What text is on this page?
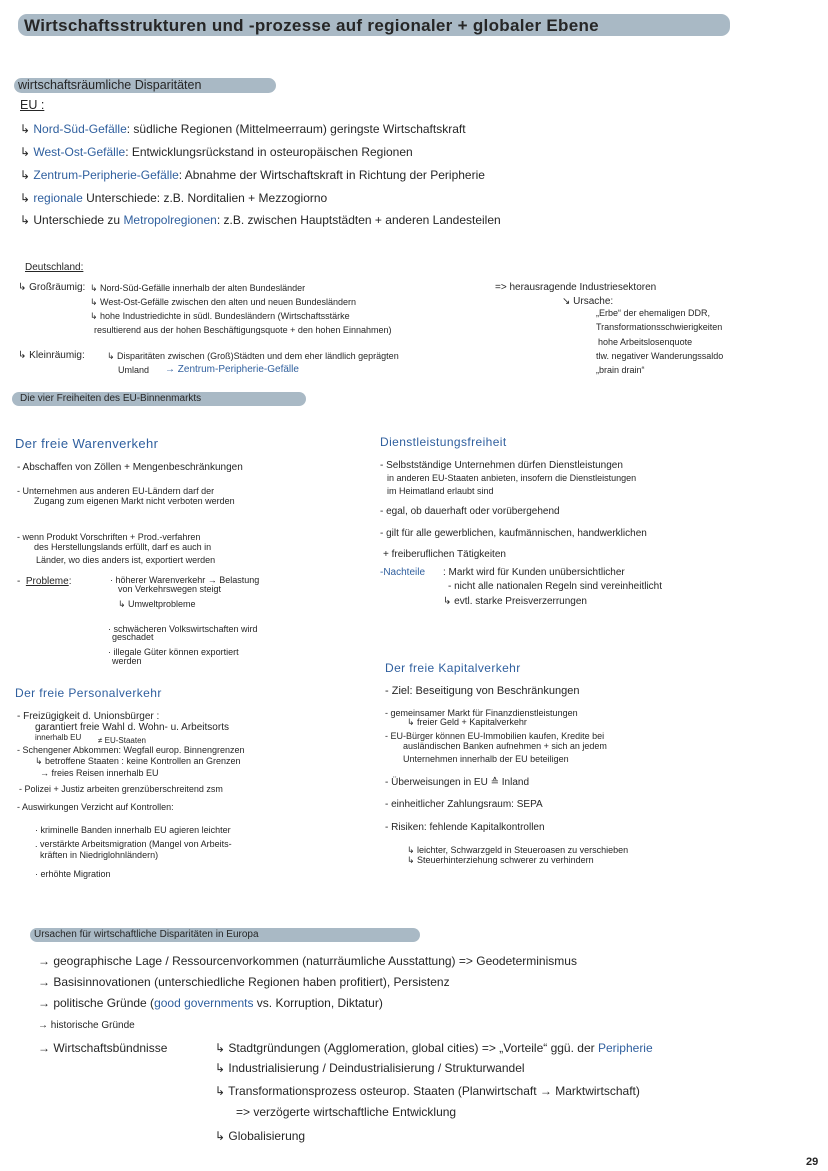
Wirtschaftsstrukturen und -prozesse auf regionaler + globaler Ebene
wirtschaftsräumliche Disparitäten
EU :
↳ Nord-Süd-Gefälle: südliche Regionen (Mittelmeerraum) geringste Wirtschaftskraft
↳ West-Ost-Gefälle: Entwicklungsrückstand in osteuropäischen Regionen
↳ Zentrum-Peripherie-Gefälle: Abnahme der Wirtschaftskraft in Richtung der Peripherie
↳ regionale Unterschiede: z.B. Norditalien + Mezzogiorno
↳ Unterschiede zu Metropolregionen: z.B. zwischen Hauptstädten + anderen Landesteilen
Deutschland:
↳ Großräumig: ↳ Nord-Süd-Gefälle innerhalb der alten Bundesländer
↳ West-Ost-Gefälle zwischen den alten und neuen Bundesländern
↳ hohe Industriedichte in südl. Bundesländern (Wirtschaftsstärke
resultierend aus der hohen Beschäftigungsquote + den hohen Einnahmen)
=> herausragende Industriesektoren
↘ Ursache:
„Erbe“ der ehemaligen DDR,
Transformationsschwierigkeiten
hohe Arbeitslosenquote
tlw. negativer Wanderungssaldo
„brain drain“
↳ Kleinräumig: ↳ Disparitäten zwischen (Groß)Städten und dem eher ländlich geprägten
Umland → Zentrum-Peripherie-Gefälle
Die vier Freiheiten des EU-Binnenmarkts
Der freie Warenverkehr
- Abschaffen von Zöllen + Mengenbeschränkungen
- Unternehmen aus anderen EU-Ländern darf der
Zugang zum eigenen Markt nicht verboten werden
- wenn Produkt Vorschriften + Prod.-verfahren
des Herstellungslands erfüllt, darf es auch in
Länder, wo dies anders ist, exportiert werden
-  Probleme:	· höherer Warenverkehr → Belastung
von Verkehrswegen steigt
↳ Umweltprobleme
· schwächeren Volkswirtschaften wird
geschadet
· illegale Güter können exportiert
werden
Dienstleistungsfreiheit
- Selbstständige Unternehmen dürfen Dienstleistungen
in anderen EU-Staaten anbieten, insofern die Dienstleistungen
im Heimatland erlaubt sind
- egal, ob dauerhaft oder vorübergehend
- gilt für alle gewerblichen, kaufmännischen, handwerklichen
+ freiberuflichen Tätigkeiten
-Nachteile : Markt wird für Kunden unübersichtlicher
- nicht alle nationalen Regeln sind vereinheitlicht
↳ evtl. starke Preisverzerrungen
Der freie Personalverkehr
- Freizügigkeit d. Unionsbürger :
garantiert freie Wahl d. Wohn- u. Arbeitsorts
innerhalb EU ≠ EU-Staaten
- Schengener Abkommen: Wegfall europ. Binnengrenzen
↳ betroffene Staaten : keine Kontrollen an Grenzen
→ freies Reisen innerhalb EU
- Polizei + Justiz arbeiten grenzüberschreitend zsm
- Auswirkungen Verzicht auf Kontrollen:
· kriminelle Banden innerhalb EU agieren leichter
. verstärkte Arbeitsmigration (Mangel von Arbeits-
kräften in Niedriglohnländern)
· erhöhte Migration
Der freie Kapitalverkehr
- Ziel: Beseitigung von Beschränkungen
- gemeinsamer Markt für Finanzdienstleistungen
↳ freier Geld + Kapitalverkehr
- EU-Bürger können EU-Immobilien kaufen, Kredite bei
ausländischen Banken aufnehmen + sich an jedem
Unternehmen innerhalb der EU beteiligen
- Überweisungen in EU ≙ Inland
- einheitlicher Zahlungsraum: SEPA
- Risiken: fehlende Kapitalkontrollen
↳ leichter, Schwarzgeld in Steueroasen zu verschieben
↳ Steuerhinterziehung schwerer zu verhindern
Ursachen für wirtschaftliche Disparitäten in Europa
→ geographische Lage / Ressourcenvorkommen (naturräumliche Ausstattung) => Geodeterminismus
→ Basisinnovationen (unterschiedliche Regionen haben profitiert), Persistenz
→ politische Gründe (good governments vs. Korruption, Diktatur)
→ historische Gründe
→ Wirtschaftsbündnisse	↳ Stadtgründungen (Agglomeration, global cities) => „Vorteile“ ggü. der Peripherie
↳ Industrialisierung / Deindustrialisierung / Strukturwandel
↳ Transformationsprozess osteurop. Staaten (Planwirtschaft → Marktwirtschaft)
=> verzögerte wirtschaftliche Entwicklung
↳ Globalisierung
29
